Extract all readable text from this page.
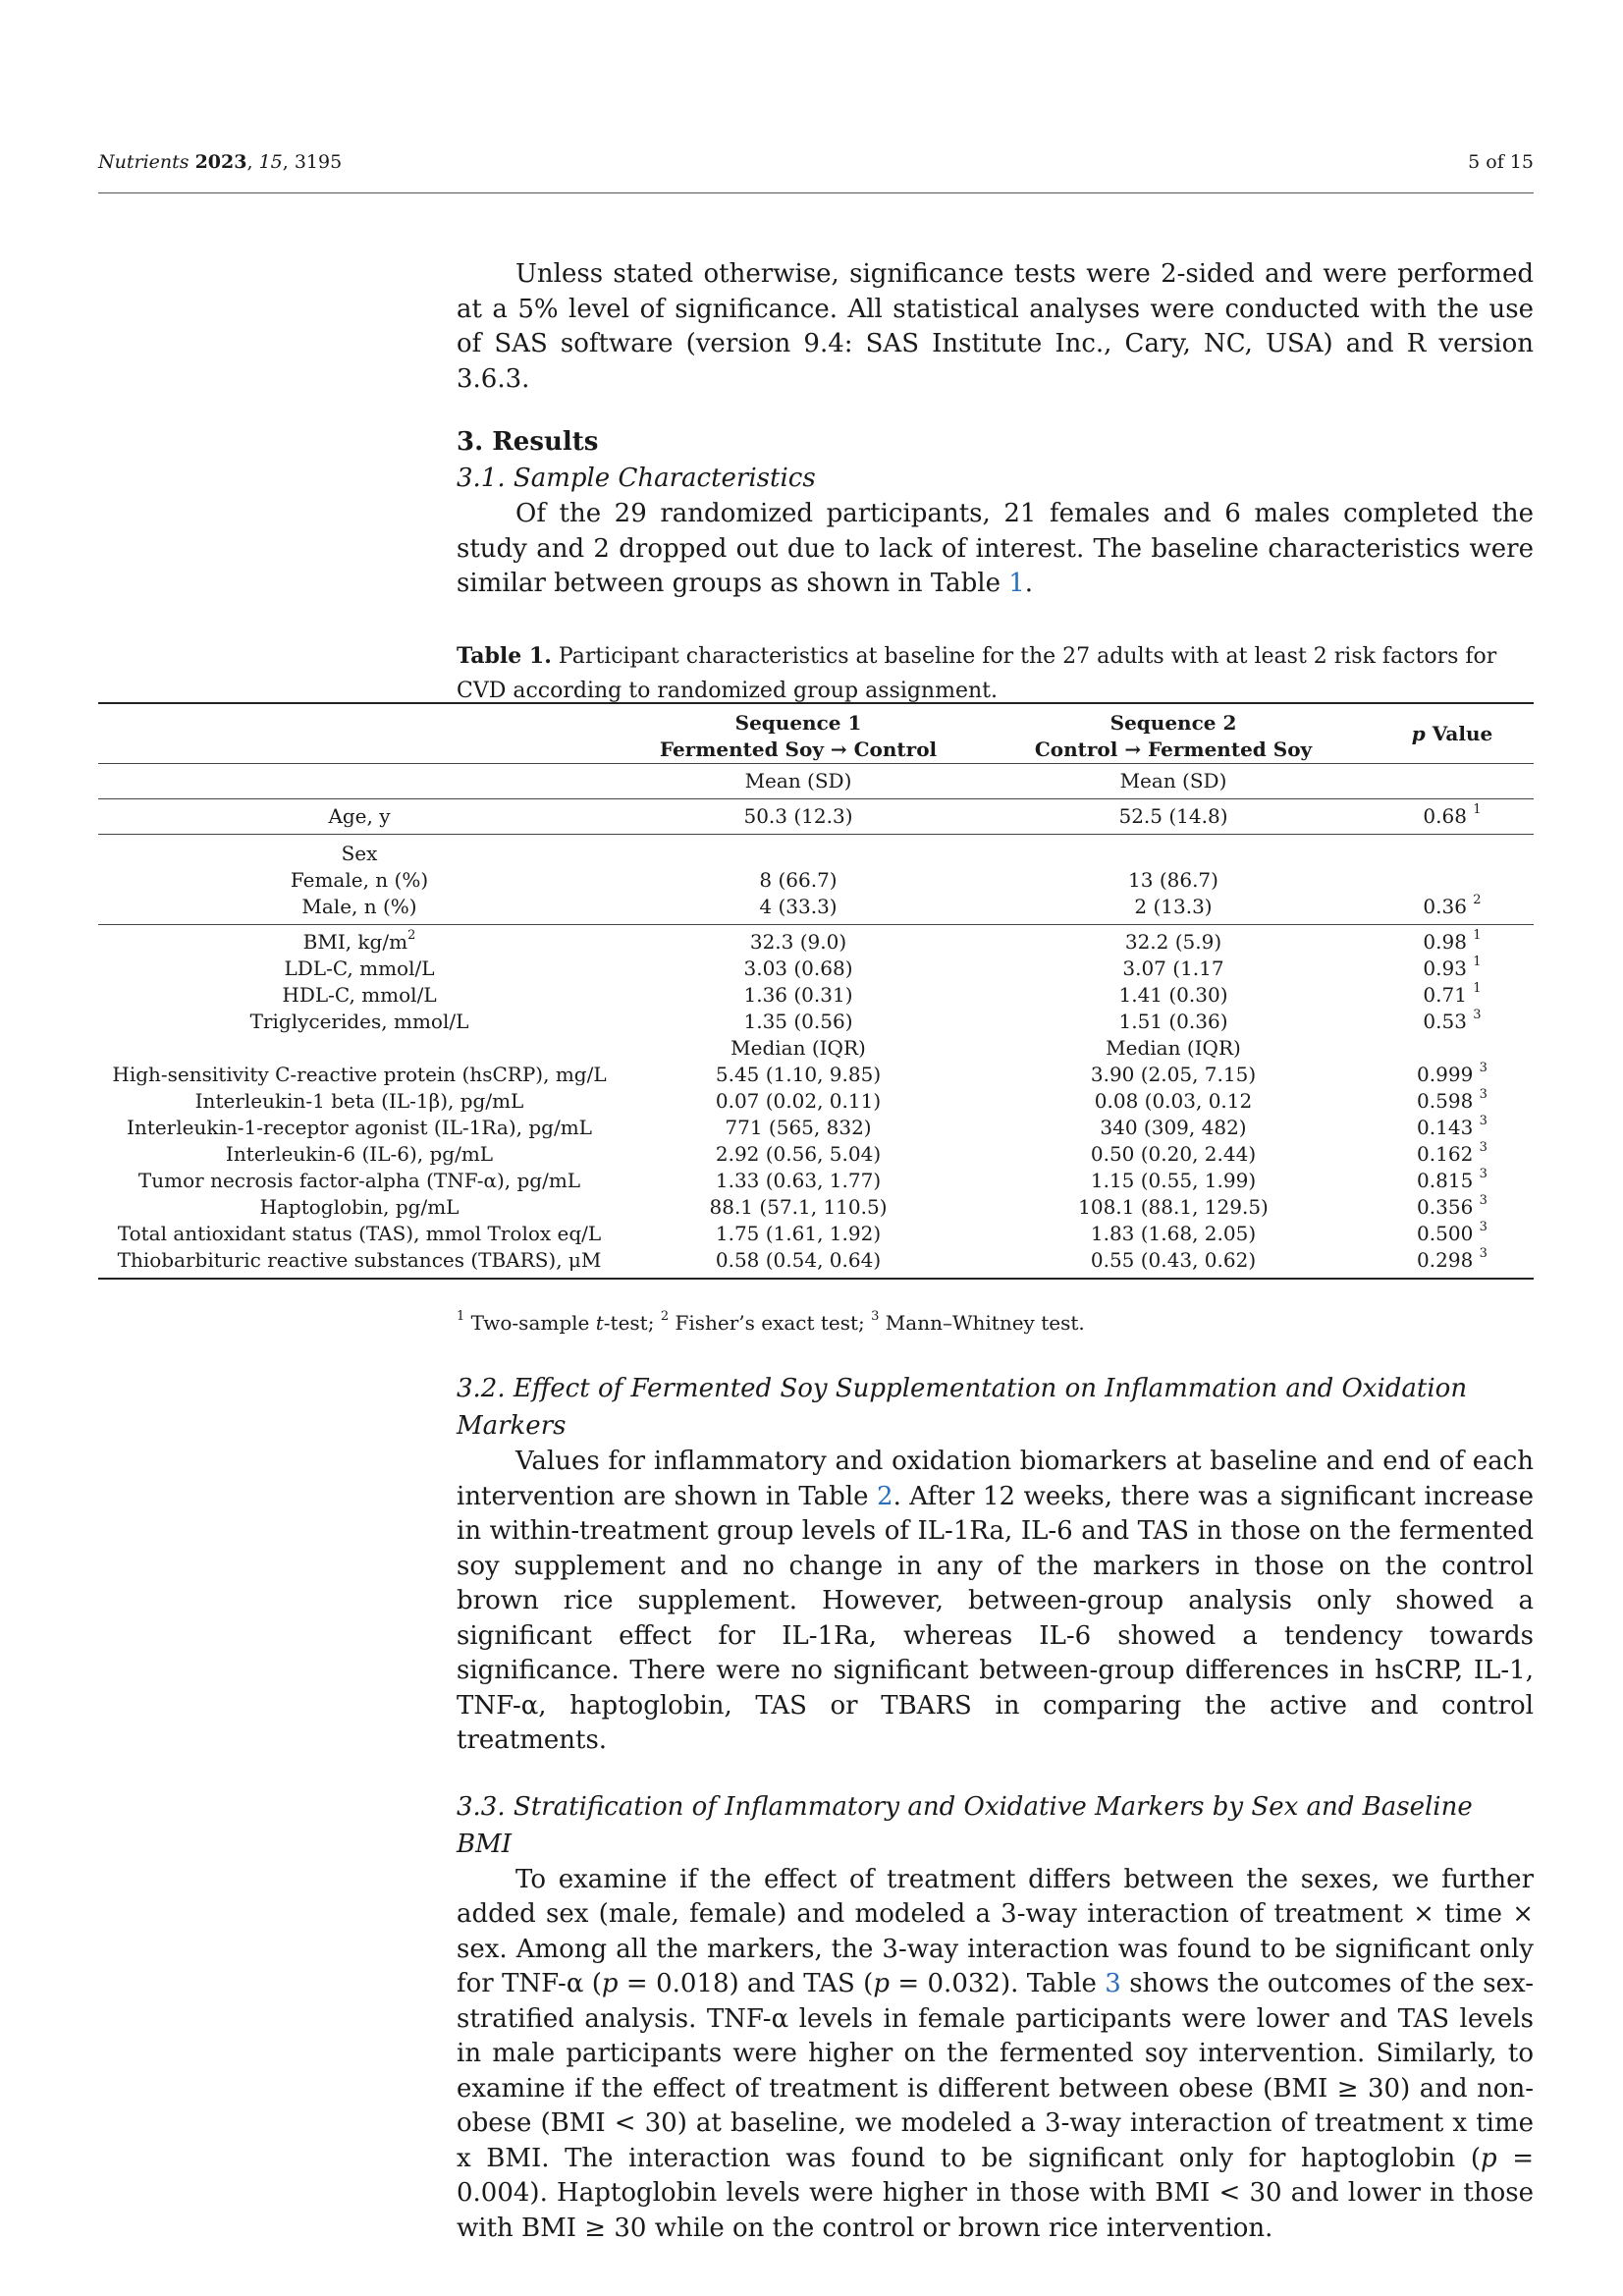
Nutrients 2023, 15, 3195	5 of 15

Unless stated otherwise, significance tests were 2-sided and were performed at a 5% level of significance. All statistical analyses were conducted with the use of SAS software (version 9.4: SAS Institute Inc., Cary, NC, USA) and R version 3.6.3.

3. Results
3.1. Sample Characteristics

Of the 29 randomized participants, 21 females and 6 males completed the study and 2 dropped out due to lack of interest. The baseline characteristics were similar between groups as shown in Table 1.

Table 1. Participant characteristics at baseline for the 27 adults with at least 2 risk factors for CVD according to randomized group assignment.

	Sequence 1
Fermented Soy → Control	Sequence 2
Control → Fermented Soy	p Value
	Mean (SD)	Mean (SD)	
Age, y	50.3 (12.3)	52.5 (14.8)	0.68 $^1$
Sex			
Female, n (%)	8 (66.7)	13 (86.7)	
Male, n (%)	4 (33.3)	2 (13.3)	0.36 $^2$
BMI, $kg/m^2$	32.3 (9.0)	32.2 (5.9)	0.98 $^1$
LDL-C, mmol/L	3.03 (0.68)	3.07 (1.17	0.93 $^1$
HDL-C, mmol/L	1.36 (0.31)	1.41 (0.30)	0.71 $^1$
Triglycerides, mmol/L	1.35 (0.56)	1.51 (0.36)	0.53 $^3$
	Median (IQR)	Median (IQR)	
High-sensitivity C-reactive protein (hsCRP), mg/L	5.45 (1.10, 9.85)	3.90 (2.05, 7.15)	0.999 $^3$
Interleukin-1 beta (IL-1β), pg/mL	0.07 (0.02, 0.11)	0.08 (0.03, 0.12	0.598 $^3$
Interleukin-1-receptor agonist (IL-1Ra), pg/mL	771 (565, 832)	340 (309, 482)	0.143 $^3$
Interleukin-6 (IL-6), pg/mL	2.92 (0.56, 5.04)	0.50 (0.20, 2.44)	0.162 $^3$
Tumor necrosis factor-alpha (TNF-α), pg/mL	1.33 (0.63, 1.77)	1.15 (0.55, 1.99)	0.815 $^3$
Haptoglobin, pg/mL	88.1 (57.1, 110.5)	108.1 (88.1, 129.5)	0.356 $^3$
Total antioxidant status (TAS), mmol Trolox eq/L	1.75 (1.61, 1.92)	1.83 (1.68, 2.05)	0.500 $^3$
Thiobarbituric reactive substances (TBARS), μM	0.58 (0.54, 0.64)	0.55 (0.43, 0.62)	0.298 $^3$
$^1$ Two-sample t-test; $^2$ Fisher’s exact test; $^3$ Mann–Whitney test.
3.2. Effect of Fermented Soy Supplementation on Inflammation and Oxidation Markers

Values for inflammatory and oxidation biomarkers at baseline and end of each intervention are shown in Table 2. After 12 weeks, there was a significant increase in within-treatment group levels of IL-1Ra, IL-6 and TAS in those on the fermented soy supplement and no change in any of the markers in those on the control brown rice supplement. However, between-group analysis only showed a significant effect for IL-1Ra, whereas IL-6 showed a tendency towards significance. There were no significant between-group differences in hsCRP, IL-1, TNF-α, haptoglobin, TAS or TBARS in comparing the active and control treatments.

3.3. Stratification of Inflammatory and Oxidative Markers by Sex and Baseline BMI

To examine if the effect of treatment differs between the sexes, we further added sex (male, female) and modeled a 3-way interaction of treatment × time × sex. Among all the markers, the 3-way interaction was found to be significant only for TNF-α (p = 0.018) and TAS (p = 0.032). Table 3 shows the outcomes of the sex-stratified analysis. TNF-α levels in female participants were lower and TAS levels in male participants were higher on the fermented soy intervention. Similarly, to examine if the effect of treatment is different between obese (BMI ≥ 30) and non-obese (BMI < 30) at baseline, we modeled a 3-way interaction of treatment x time x BMI. The interaction was found to be significant only for haptoglobin (p = 0.004). Haptoglobin levels were higher in those with BMI < 30 and lower in those with BMI ≥ 30 while on the control or brown rice intervention.
